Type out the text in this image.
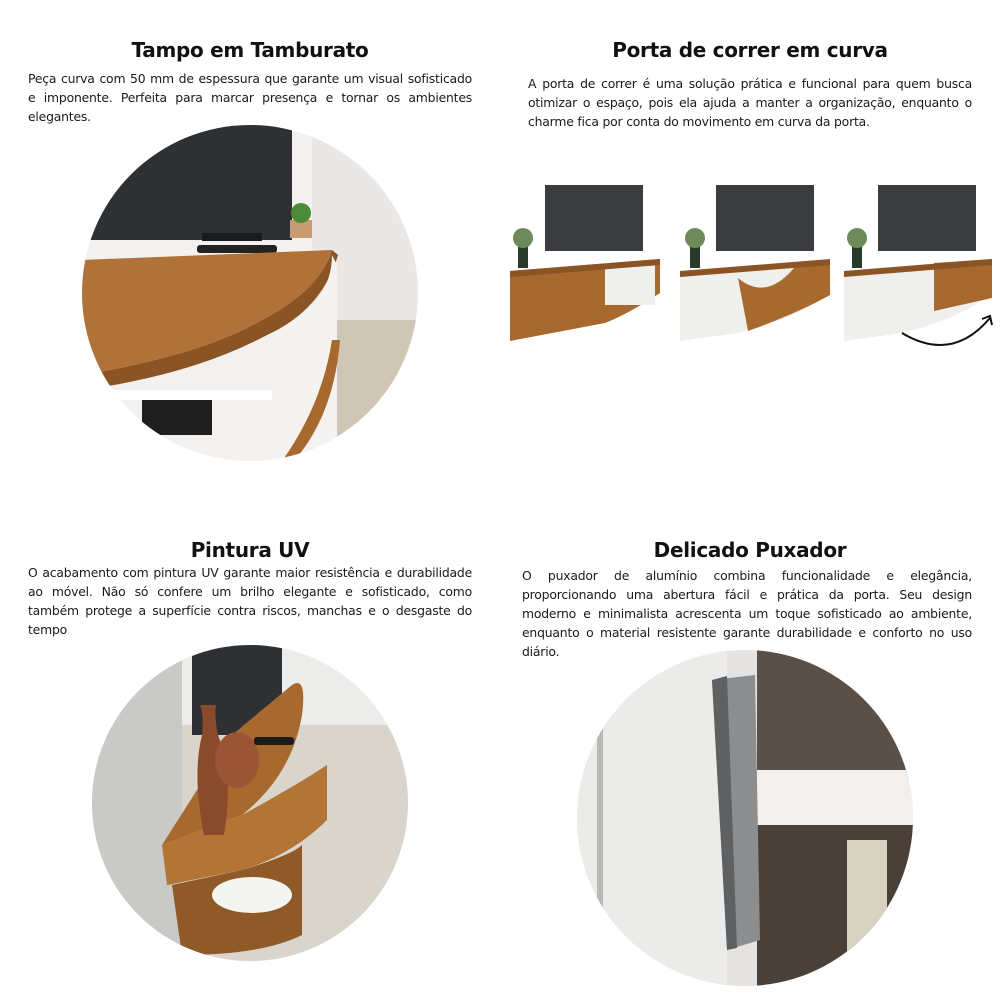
Tampo em Tamburato
Peça curva com 50 mm de espessura que garante um visual sofisticado e imponente. Perfeita para marcar presença e tornar os ambientes elegantes.
Porta de correr em curva
A porta de correr é uma solução prática e funcional para quem busca otimizar o espaço, pois ela ajuda a manter a organização, enquanto o charme fica por conta do movimento em curva da porta.
Pintura UV
O acabamento com pintura UV garante maior resistência e durabilidade ao móvel. Não só confere um brilho elegante e sofisticado, como também protege a superfície contra riscos, manchas e o desgaste do tempo
Delicado Puxador
O puxador de alumínio combina funcionalidade e elegância, proporcionando uma abertura fácil e prática da porta. Seu design moderno e minimalista acrescenta um toque sofisticado ao ambiente, enquanto o material resistente garante durabilidade e conforto no uso diário.
